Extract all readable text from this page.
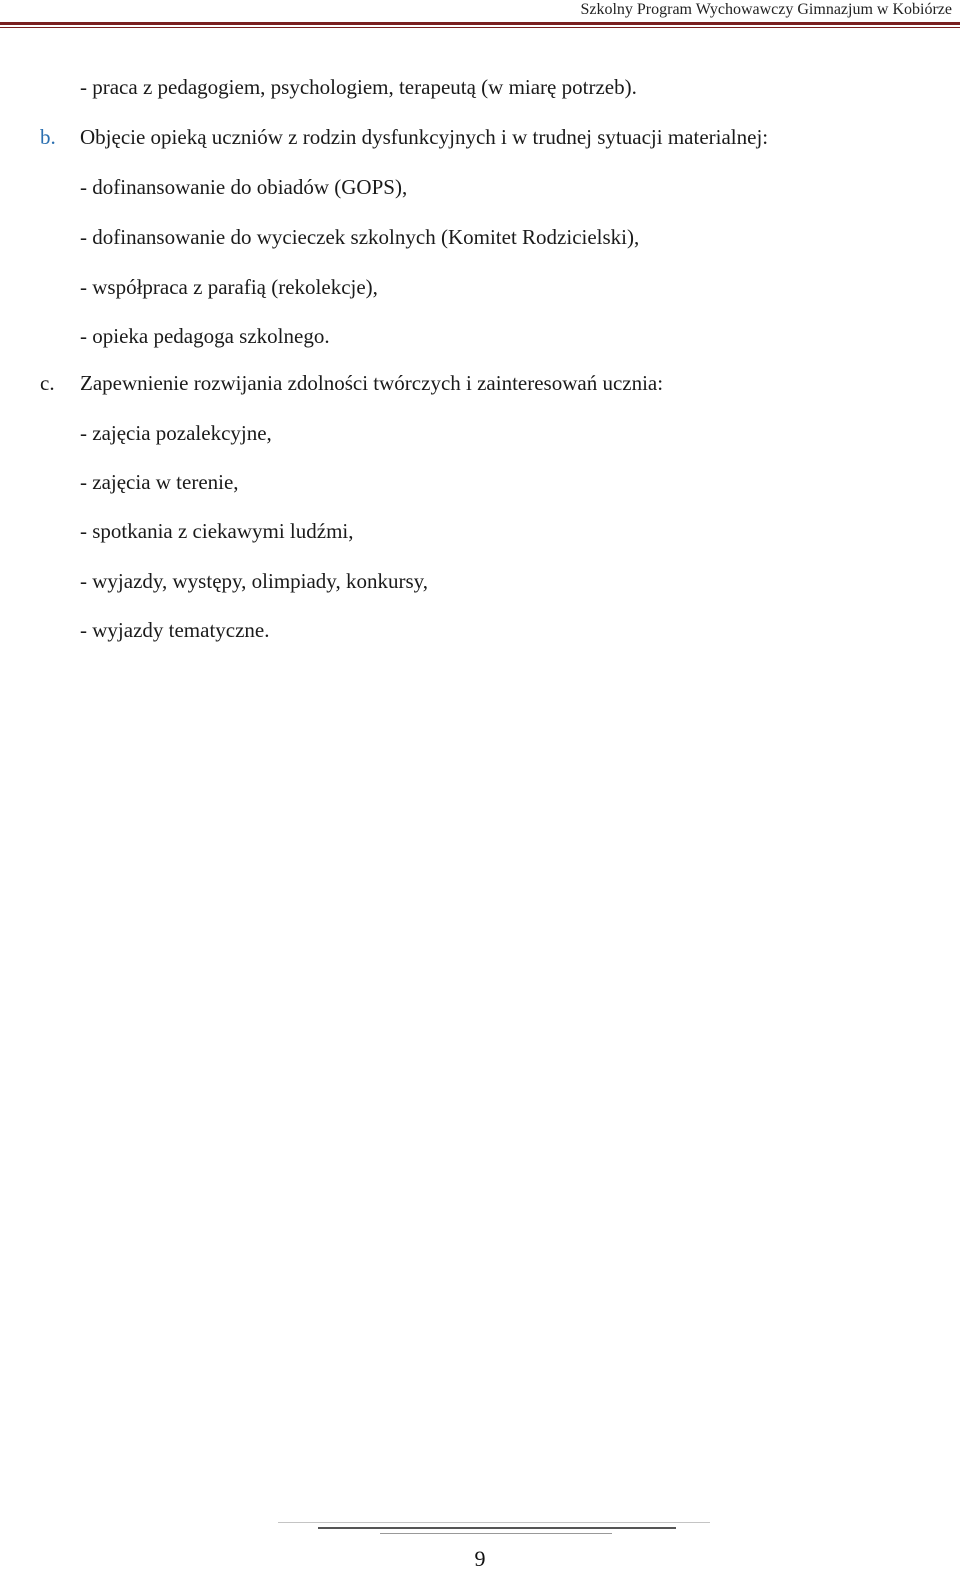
Szkolny Program Wychowawczy Gimnazjum w Kobiórze
- praca z pedagogiem, psychologiem, terapeutą (w miarę potrzeb).
b. Objęcie opieką uczniów z rodzin dysfunkcyjnych i w trudnej sytuacji materialnej:
- dofinansowanie do obiadów (GOPS),
- dofinansowanie do wycieczek szkolnych (Komitet Rodzicielski),
- współpraca z parafią (rekolekcje),
- opieka pedagoga szkolnego.
c. Zapewnienie rozwijania zdolności twórczych i zainteresowań ucznia:
- zajęcia pozalekcyjne,
- zajęcia w terenie,
- spotkania z ciekawymi ludźmi,
- wyjazdy, występy, olimpiady, konkursy,
- wyjazdy tematyczne.
9
